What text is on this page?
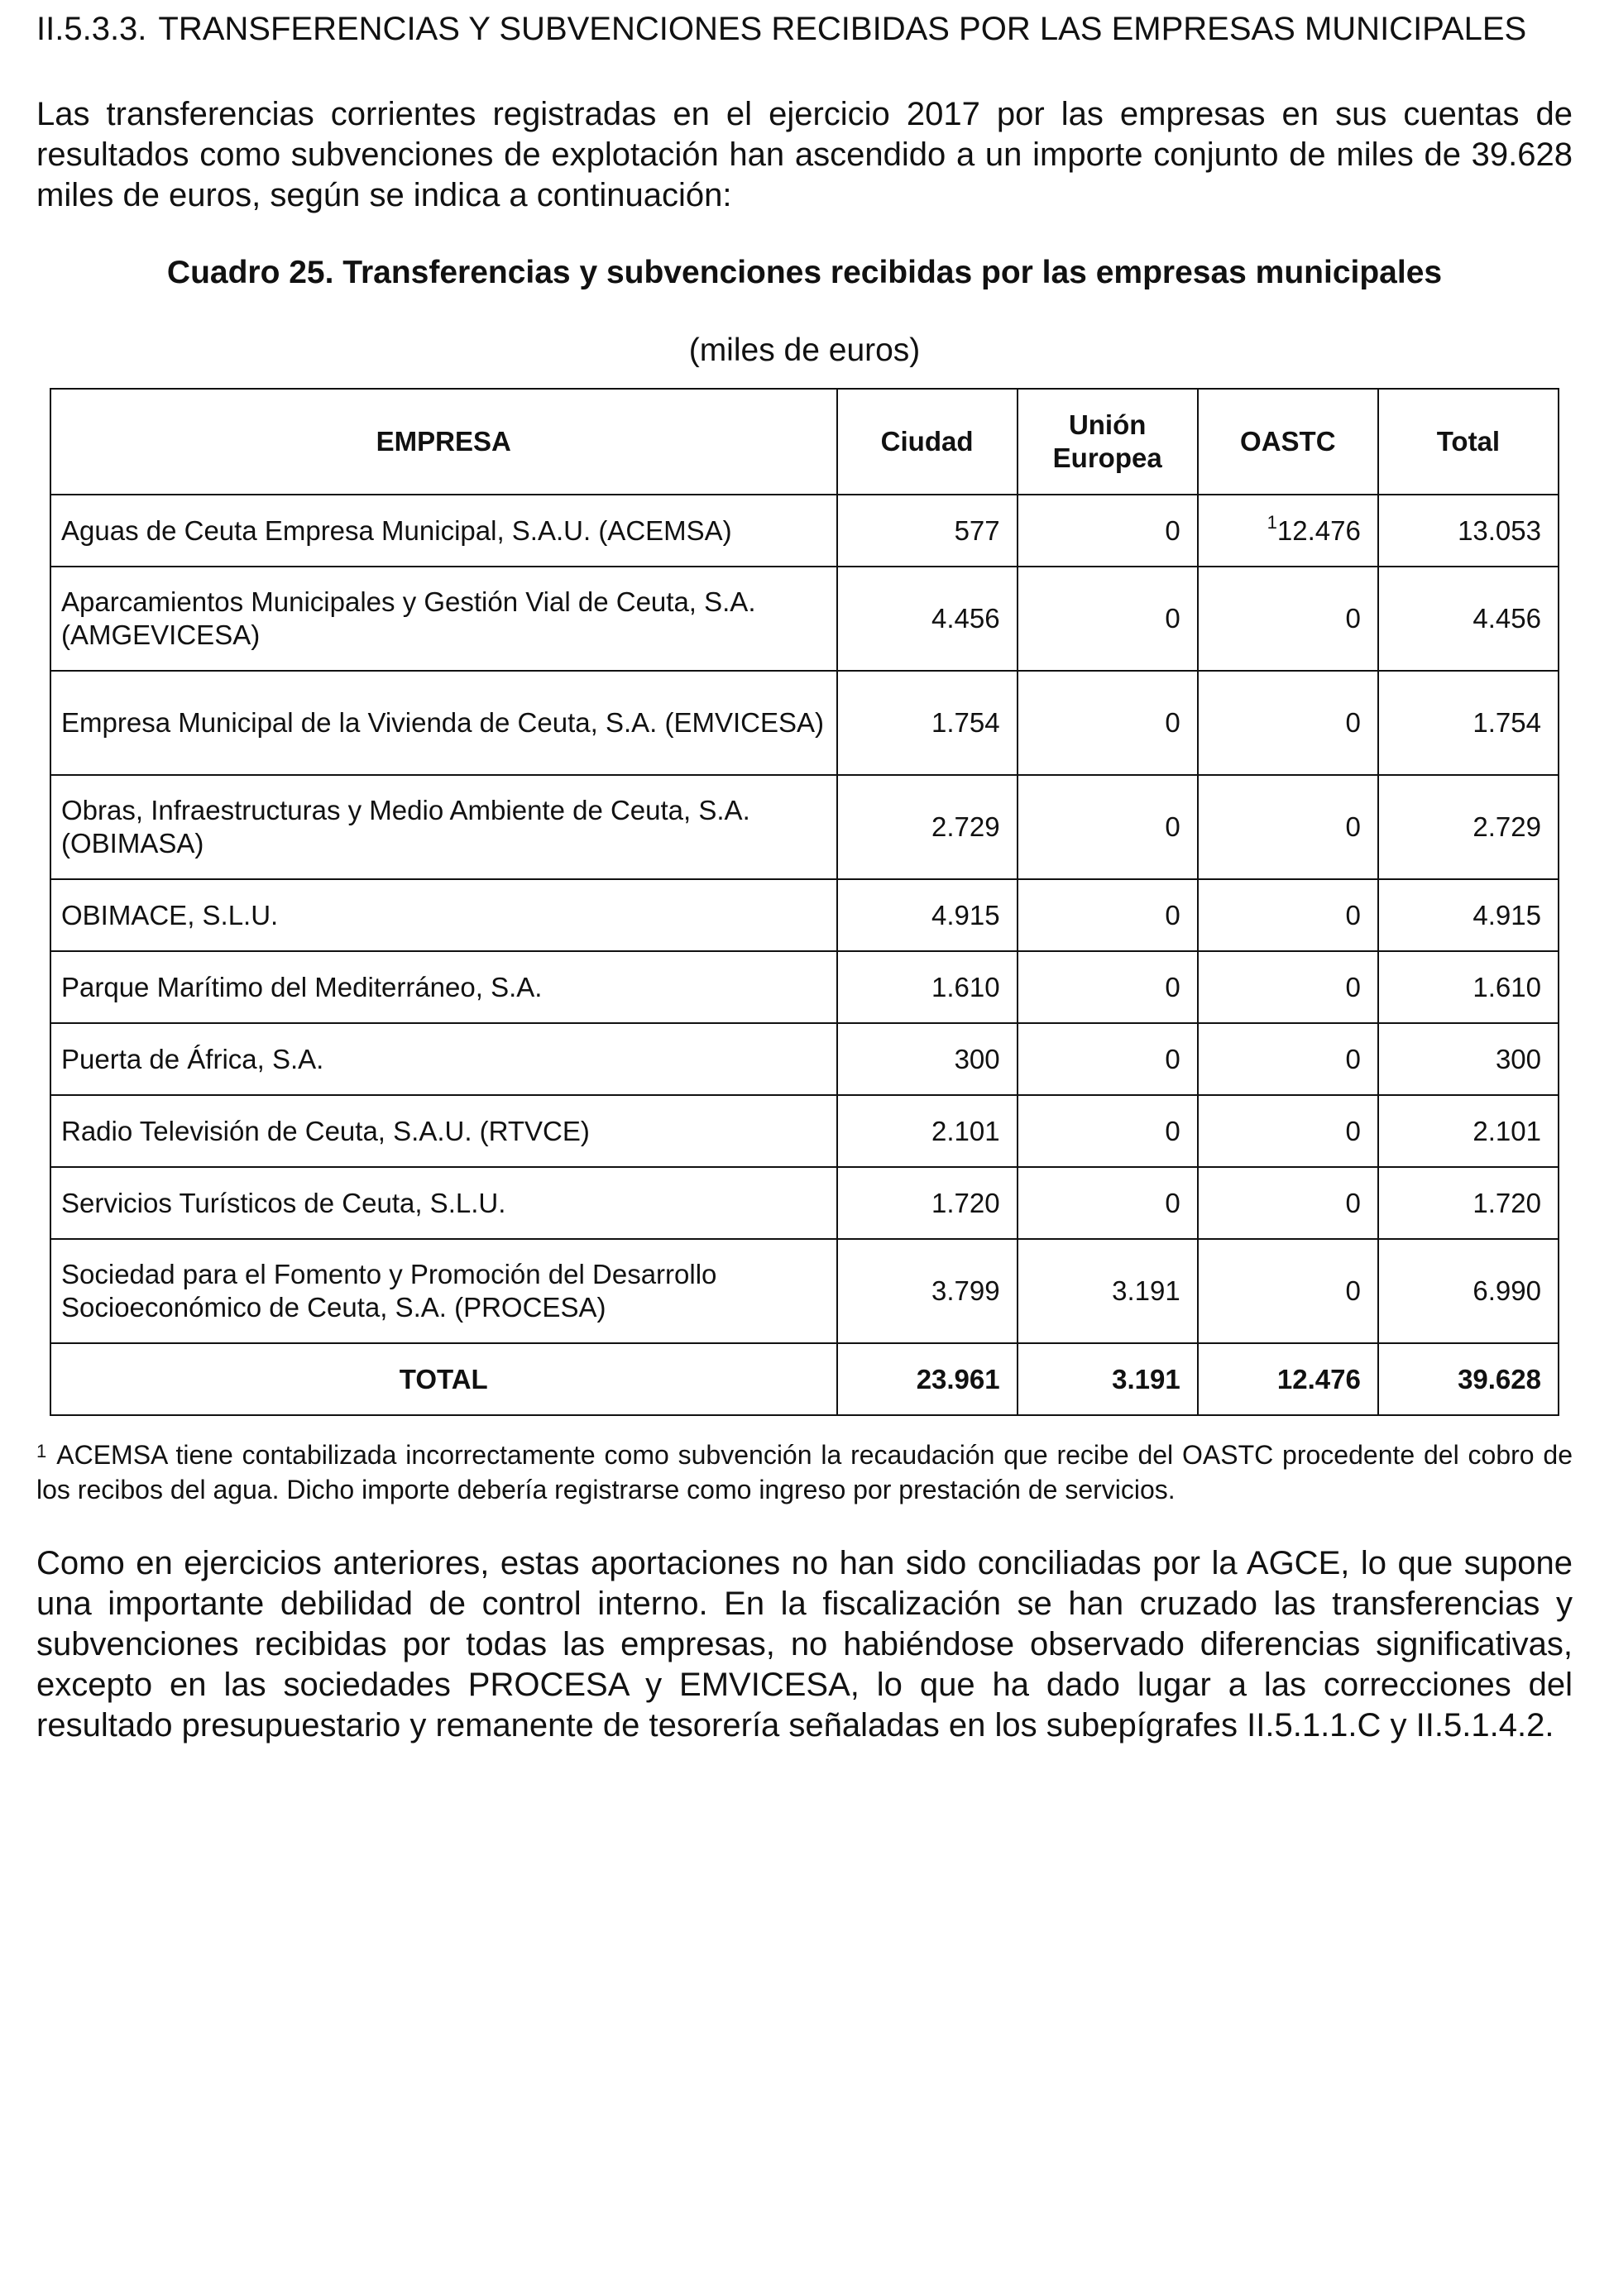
II.5.3.3. TRANSFERENCIAS Y SUBVENCIONES RECIBIDAS POR LAS EMPRESAS MUNICIPALES

Las transferencias corrientes registradas en el ejercicio 2017 por las empresas en sus cuentas de resultados como subvenciones de explotación han ascendido a un importe conjunto de miles de 39.628 miles de euros, según se indica a continuación:

Cuadro 25. Transferencias y subvenciones recibidas por las empresas municipales
(miles de euros)
EMPRESA	Ciudad	Unión Europea	OASTC	Total
Aguas de Ceuta Empresa Municipal, S.A.U. (ACEMSA)	577	0	$^1$12.476	13.053
Aparcamientos Municipales y Gestión Vial de Ceuta, S.A. (AMGEVICESA)	4.456	0	0	4.456
Empresa Municipal de la Vivienda de Ceuta, S.A. (EMVICESA)	1.754	0	0	1.754
Obras, Infraestructuras y Medio Ambiente de Ceuta, S.A. (OBIMASA)	2.729	0	0	2.729
OBIMACE, S.L.U.	4.915	0	0	4.915
Parque Marítimo del Mediterráneo, S.A.	1.610	0	0	1.610
Puerta de África, S.A.	300	0	0	300
Radio Televisión de Ceuta, S.A.U. (RTVCE)	2.101	0	0	2.101
Servicios Turísticos de Ceuta, S.L.U.	1.720	0	0	1.720
Sociedad para el Fomento y Promoción del Desarrollo Socioeconómico de Ceuta, S.A. (PROCESA)	3.799	3.191	0	6.990
TOTAL	23.961	3.191	12.476	39.628

$^1$ ACEMSA tiene contabilizada incorrectamente como subvención la recaudación que recibe del OASTC procedente del cobro de los recibos del agua. Dicho importe debería registrarse como ingreso por prestación de servicios.

Como en ejercicios anteriores, estas aportaciones no han sido conciliadas por la AGCE, lo que supone una importante debilidad de control interno. En la fiscalización se han cruzado las transferencias y subvenciones recibidas por todas las empresas, no habiéndose observado diferencias significativas, excepto en las sociedades PROCESA y EMVICESA, lo que ha dado lugar a las correcciones del resultado presupuestario y remanente de tesorería señaladas en los subepígrafes II.5.1.1.C y II.5.1.4.2.
